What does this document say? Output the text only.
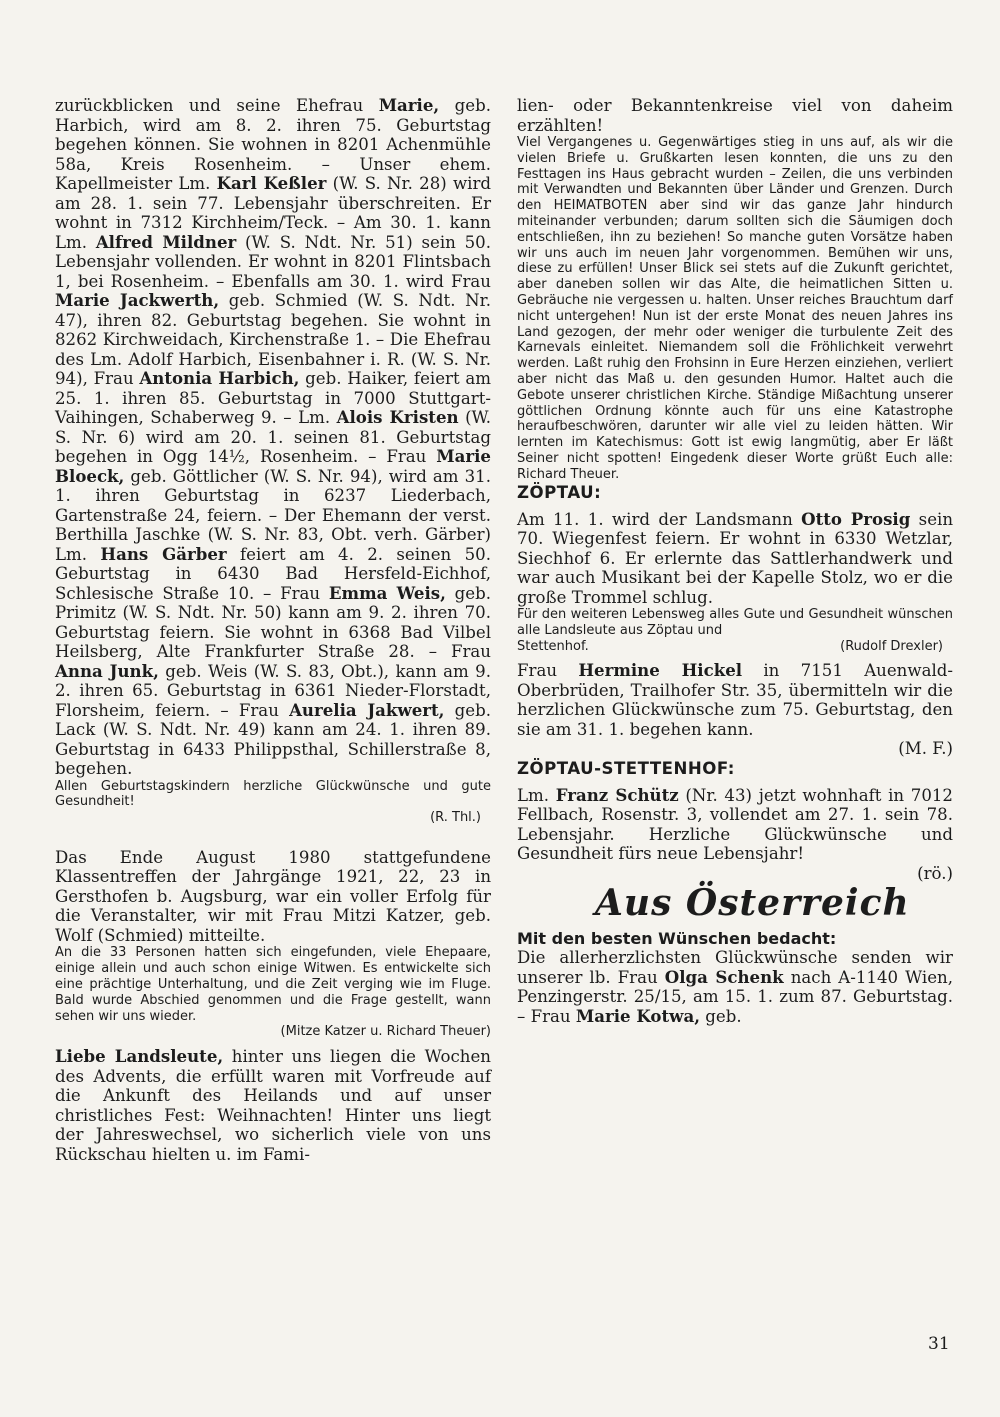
zurückblicken und seine Ehefrau Marie, geb. Harbich, wird am 8. 2. ihren 75. Geburtstag begehen können. Sie wohnen in 8201 Achenmühle 58a, Kreis Rosenheim. – Unser ehem. Kapellmeister Lm. Karl Keßler (W. S. Nr. 28) wird am 28. 1. sein 77. Lebensjahr überschreiten. Er wohnt in 7312 Kirchheim/Teck. – Am 30. 1. kann Lm. Alfred Mildner (W. S. Ndt. Nr. 51) sein 50. Lebensjahr vollenden. Er wohnt in 8201 Flintsbach 1, bei Rosenheim. – Ebenfalls am 30. 1. wird Frau Marie Jackwerth, geb. Schmied (W. S. Ndt. Nr. 47), ihren 82. Geburtstag begehen. Sie wohnt in 8262 Kirchweidach, Kirchenstraße 1. – Die Ehefrau des Lm. Adolf Harbich, Eisenbahner i. R. (W. S. Nr. 94), Frau Antonia Harbich, geb. Haiker, feiert am 25. 1. ihren 85. Geburtstag in 7000 Stuttgart-Vaihingen, Schaberweg 9. – Lm. Alois Kristen (W. S. Nr. 6) wird am 20. 1. seinen 81. Geburtstag begehen in Ogg 14½, Rosenheim. – Frau Marie Bloeck, geb. Göttlicher (W. S. Nr. 94), wird am 31. 1. ihren Geburtstag in 6237 Liederbach, Gartenstraße 24, feiern. – Der Ehemann der verst. Berthilla Jaschke (W. S. Nr. 83, Obt. verh. Gärber) Lm. Hans Gärber feiert am 4. 2. seinen 50. Geburtstag in 6430 Bad Hersfeld-Eichhof, Schlesische Straße 10. – Frau Emma Weis, geb. Primitz (W. S. Ndt. Nr. 50) kann am 9. 2. ihren 70. Geburtstag feiern. Sie wohnt in 6368 Bad Vilbel Heilsberg, Alte Frankfurter Straße 28. – Frau Anna Junk, geb. Weis (W. S. 83, Obt.), kann am 9. 2. ihren 65. Geburtstag in 6361 Nieder-Florstadt, Florsheim, feiern. – Frau Aurelia Jakwert, geb. Lack (W. S. Ndt. Nr. 49) kann am 24. 1. ihren 89. Geburtstag in 6433 Philippsthal, Schillerstraße 8, begehen.

Allen Geburtstagskindern herzliche Glückwünsche und gute Gesundheit!

(R. Thl.)

Das Ende August 1980 stattgefundene Klassentreffen der Jahrgänge 1921, 22, 23 in Gersthofen b. Augsburg, war ein voller Erfolg für die Veranstalter, wir mit Frau Mitzi Katzer, geb. Wolf (Schmied) mitteilte.

An die 33 Personen hatten sich eingefunden, viele Ehepaare, einige allein und auch schon einige Witwen. Es entwickelte sich eine prächtige Unterhaltung, und die Zeit verging wie im Fluge. Bald wurde Abschied genommen und die Frage gestellt, wann sehen wir uns wieder.

(Mitze Katzer u. Richard Theuer)

Liebe Landsleute, hinter uns liegen die Wochen des Advents, die erfüllt waren mit Vorfreude auf die Ankunft des Heilands und auf unser christliches Fest: Weihnachten! Hinter uns liegt der Jahreswechsel, wo sicherlich viele von uns Rückschau hielten u. im Fami-

lien- oder Bekanntenkreise viel von daheim erzählten!

Viel Vergangenes u. Gegenwärtiges stieg in uns auf, als wir die vielen Briefe u. Grußkarten lesen konnten, die uns zu den Festtagen ins Haus gebracht wurden – Zeilen, die uns verbinden mit Verwandten und Bekannten über Länder und Grenzen. Durch den HEIMATBOTEN aber sind wir das ganze Jahr hindurch miteinander verbunden; darum sollten sich die Säumigen doch entschließen, ihn zu beziehen! So manche guten Vorsätze haben wir uns auch im neuen Jahr vorgenommen. Bemühen wir uns, diese zu erfüllen! Unser Blick sei stets auf die Zukunft gerichtet, aber daneben sollen wir das Alte, die heimatlichen Sitten u. Gebräuche nie vergessen u. halten. Unser reiches Brauchtum darf nicht untergehen! Nun ist der erste Monat des neuen Jahres ins Land gezogen, der mehr oder weniger die turbulente Zeit des Karnevals einleitet. Niemandem soll die Fröhlichkeit verwehrt werden. Laßt ruhig den Frohsinn in Eure Herzen einziehen, verliert aber nicht das Maß u. den gesunden Humor. Haltet auch die Gebote unserer christlichen Kirche. Ständige Mißachtung unserer göttlichen Ordnung könnte auch für uns eine Katastrophe heraufbeschwören, darunter wir alle viel zu leiden hätten. Wir lernten im Katechismus: Gott ist ewig langmütig, aber Er läßt Seiner nicht spotten! Eingedenk dieser Worte grüßt Euch alle: Richard Theuer.

ZÖPTAU:

Am 11. 1. wird der Landsmann Otto Prosig sein 70. Wiegenfest feiern. Er wohnt in 6330 Wetzlar, Siechhof 6. Er erlernte das Sattlerhandwerk und war auch Musikant bei der Kapelle Stolz, wo er die große Trommel schlug.

Für den weiteren Lebensweg alles Gute und Gesundheit wünschen alle Landsleute aus Zöptau und

Stettenhof.	(Rudolf Drexler)

Frau Hermine Hickel in 7151 Auenwald-Oberbrüden, Trailhofer Str. 35, übermitteln wir die herzlichen Glückwünsche zum 75. Geburtstag, den sie am 31. 1. begehen kann.

(M. F.)

ZÖPTAU-STETTENHOF:

Lm. Franz Schütz (Nr. 43) jetzt wohnhaft in 7012 Fellbach, Rosenstr. 3, vollendet am 27. 1. sein 78. Lebensjahr. Herzliche Glückwünsche und Gesundheit fürs neue Lebensjahr!

(rö.)

Aus Österreich

Mit den besten Wünschen bedacht:

Die allerherzlichsten Glückwünsche senden wir unserer lb. Frau Olga Schenk nach A-1140 Wien, Penzingerstr. 25/15, am 15. 1. zum 87. Geburtstag. – Frau Marie Kotwa, geb.

31
